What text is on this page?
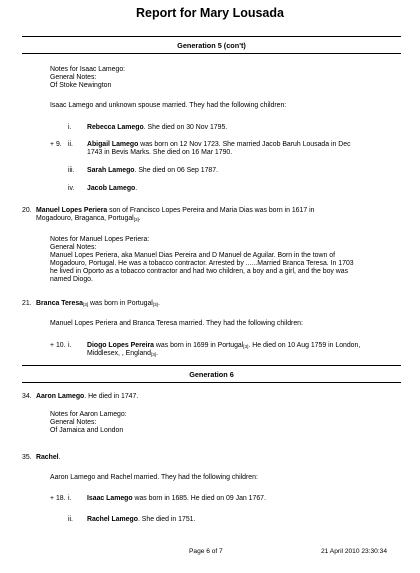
Report for Mary Lousada
Generation 5 (con't)
Notes for Isaac Lamego:
General Notes:
Of Stoke Newington
Isaac Lamego and unknown spouse married. They had the following children:
i. Rebecca Lamego. She died on 30 Nov 1795.
+ 9. ii. Abigail Lamego was born on 12 Nov 1723. She married Jacob Baruh Lousada in Dec
1743 in Bevis Marks. She died on 16 Mar 1790.
iii. Sarah Lamego. She died on 06 Sep 1787.
iv. Jacob Lamego.
20. Manuel Lopes Periera son of Francisco Lopes Pereira and Maria Dias was born in 1617 in
Mogadouro, Braganca, Portugal[3].
Notes for Manuel Lopes Periera:
General Notes:
Manuel Lopes Periera, aka Manuel Dias Pereira and D Manuel de Aguilar. Born in the town of
Mogadouro, Portugal. He was a tobacco contractor. Arrested by ......Married Branca Teresa. In 1703
he lived in Oporto as a tobacco contractor and had two children, a boy and a girl, and the boy was
named Diogo.
21. Branca Teresa[3] was born in Portugal[3].
Manuel Lopes Periera and Branca Teresa married. They had the following children:
+ 10. i. Diogo Lopes Pereira was born in 1699 in Portugal[3]. He died on 10 Aug 1759 in London,
Middlesex, , England[3].
Generation 6
34. Aaron Lamego. He died in 1747.
Notes for Aaron Lamego:
General Notes:
Of Jamaica and London
35. Rachel.
Aaron Lamego and Rachel married. They had the following children:
+ 18. i. Isaac Lamego was born in 1685. He died on 09 Jan 1767.
ii. Rachel Lamego. She died in 1751.
Page 6 of 7	21 April 2010 23:30:34
